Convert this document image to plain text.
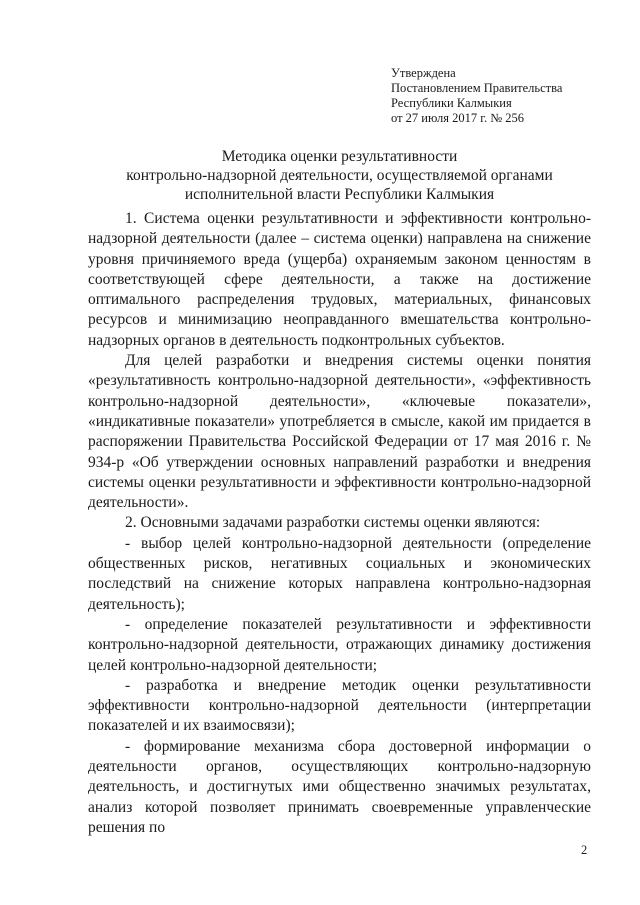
Утверждена
Постановлением Правительства
Республики Калмыкия
от 27 июля 2017 г. № 256
Методика оценки результативности
контрольно-надзорной деятельности, осуществляемой органами
исполнительной власти Республики Калмыкия

1. Система оценки результативности и эффективности контрольно-надзорной деятельности (далее – система оценки) направлена на снижение уровня причиняемого вреда (ущерба) охраняемым законом ценностям в соответствующей сфере деятельности, а также на достижение оптимального распределения трудовых, материальных, финансовых ресурсов и минимизацию неоправданного вмешательства контрольно-надзорных органов в деятельность подконтрольных субъектов.

Для целей разработки и внедрения системы оценки понятия «результативность контрольно-надзорной деятельности», «эффективность контрольно-надзорной деятельности», «ключевые показатели», «индикативные показатели» употребляется в смысле, какой им придается в распоряжении Правительства Российской Федерации от 17 мая 2016 г. № 934-р «Об утверждении основных направлений разработки и внедрения системы оценки результативности и эффективности контрольно-надзорной деятельности».

2. Основными задачами разработки системы оценки являются:

- выбор целей контрольно-надзорной деятельности (определение общественных рисков, негативных социальных и экономических последствий на снижение которых направлена контрольно-надзорная деятельность);

- определение показателей результативности и эффективности контрольно-надзорной деятельности, отражающих динамику достижения целей контрольно-надзорной деятельности;

- разработка и внедрение методик оценки результативности эффективности контрольно-надзорной деятельности (интерпретации показателей и их взаимосвязи);

- формирование механизма сбора достоверной информации о деятельности органов, осуществляющих контрольно-надзорную деятельность, и достигнутых ими общественно значимых результатах, анализ которой позволяет принимать своевременные управленческие решения по

2
